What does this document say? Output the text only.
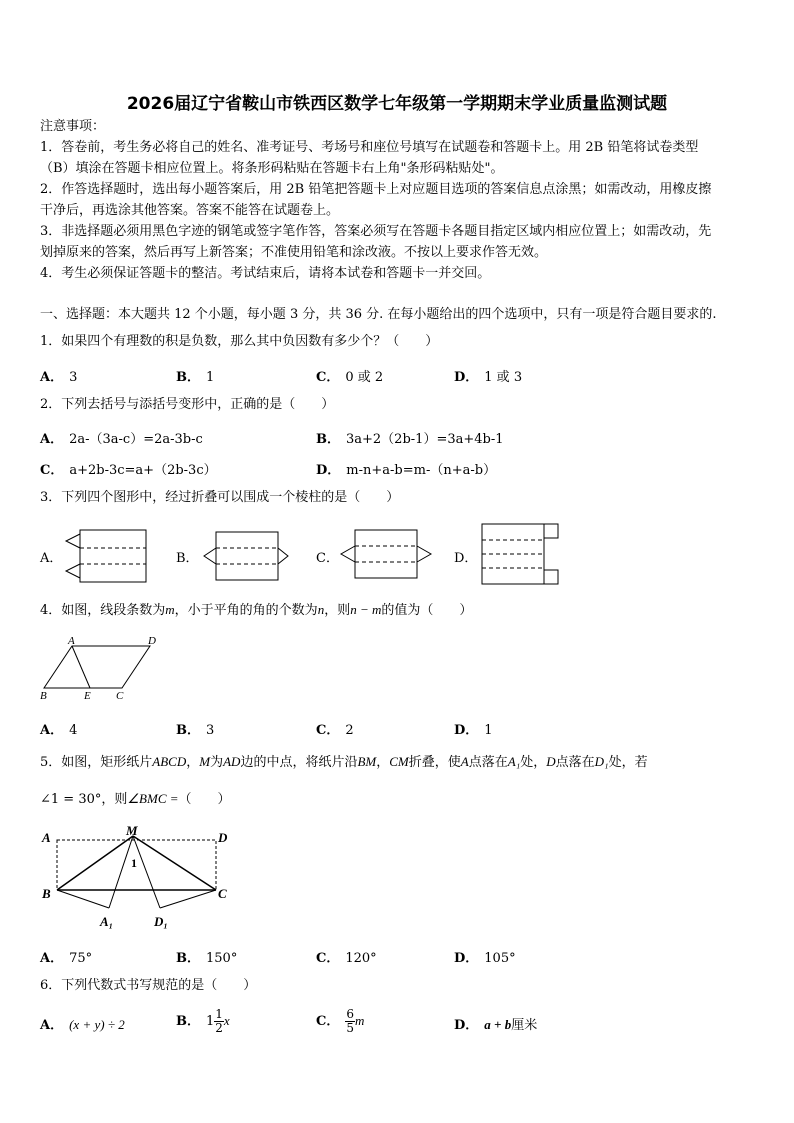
2026届辽宁省鞍山市铁西区数学七年级第一学期期末学业质量监测试题
注意事项：
1．答卷前，考生务必将自己的姓名、准考证号、考场号和座位号填写在试题卷和答题卡上。用 2B 铅笔将试卷类型
（B）填涂在答题卡相应位置上。将条形码粘贴在答题卡右上角"条形码粘贴处"。
2．作答选择题时，选出每小题答案后，用 2B 铅笔把答题卡上对应题目选项的答案信息点涂黑；如需改动，用橡皮擦
干净后，再选涂其他答案。答案不能答在试题卷上。
3．非选择题必须用黑色字迹的钢笔或签字笔作答，答案必须写在答题卡各题目指定区域内相应位置上；如需改动，先
划掉原来的答案，然后再写上新答案；不准使用铅笔和涂改液。不按以上要求作答无效。
4．考生必须保证答题卡的整洁。考试结束后，请将本试卷和答题卡一并交回。
一、选择题：本大题共 12 个小题，每小题 3 分，共 36 分. 在每小题给出的四个选项中，只有一项是符合题目要求的.
1．如果四个有理数的积是负数，那么其中负因数有多少个？（　　）
A． 3	B． 1	C． 0 或 2	D． 1 或 3
2．下列去括号与添括号变形中，正确的是（　　）
A． 2a-（3a-c）=2a-3b-c	B． 3a+2（2b-1）=3a+4b-1
C． a+2b-3c=a+（2b-3c）	D． m-n+a-b=m-（n+a-b）
3．下列四个图形中，经过折叠可以围成一个棱柱的是（　　）
A．	B．	C．	D．
4．如图，线段条数为m，小于平角的角的个数为n，则n − m的值为（　　）
A	D
B	E C
A． 4	B． 3	C． 2	D． 1
5．如图，矩形纸片ABCD，M为AD边的中点，将纸片沿BM，CM折叠，使A点落在A₁处，D点落在D₁处，若
∠1 = 30°，则∠BMC =（　　）
A	M	D
1
B	C
A₁	D₁
A． 75°	B． 150°	C． 120°	D． 105°
6．下列代数式书写规范的是（　　）
A． (x + y) ÷ 2	B． $1 \frac{1}{2}$ x	C． $\frac{6}{5}$ m	D． a + b厘米
